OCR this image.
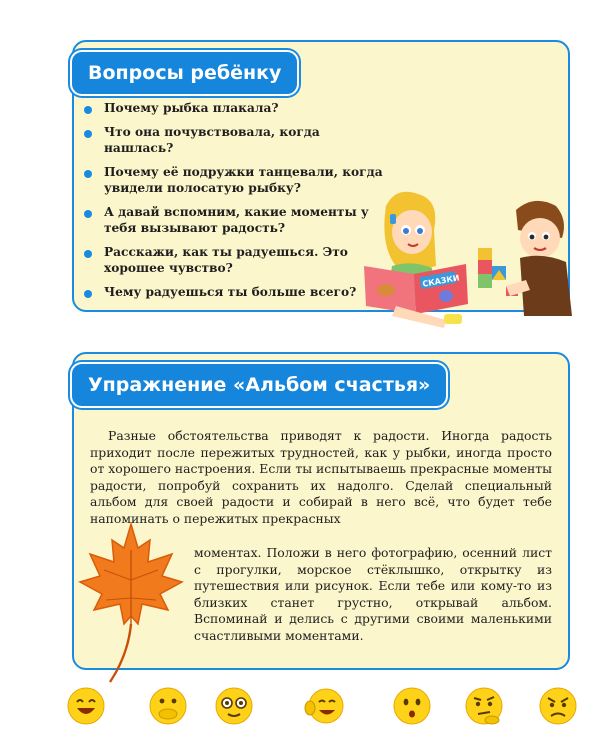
Вопросы ребёнку
Почему рыбка плакала?
Что она почувствовала, когда нашлась?
Почему её подружки танцевали, когда увидели полосатую рыбку?
А давай вспомним, какие моменты у тебя вызывают радость?
Расскажи, как ты радуешься. Это хорошее чувство?
Чему радуешься ты больше всего?
СКАЗКИ
Упражнение «Альбом счастья»

Разные обстоятельства приводят к радости. Иногда радость приходит после пережитых трудностей, как у рыбки, иногда просто от хорошего настроения. Если ты испытываешь прекрасные моменты радости, попробуй сохранить их надолго. Сделай специальный альбом для своей радости и собирай в него всё, что будет тебе напоминать о пережитых прекрасных

моментах. Положи в него фотографию, осенний лист с прогулки, морское стёклышко, открытку из путешествия или рисунок. Если тебе или кому-то из близких станет грустно, открывай альбом. Вспоминай и делись с другими своими маленькими счастливыми моментами.
